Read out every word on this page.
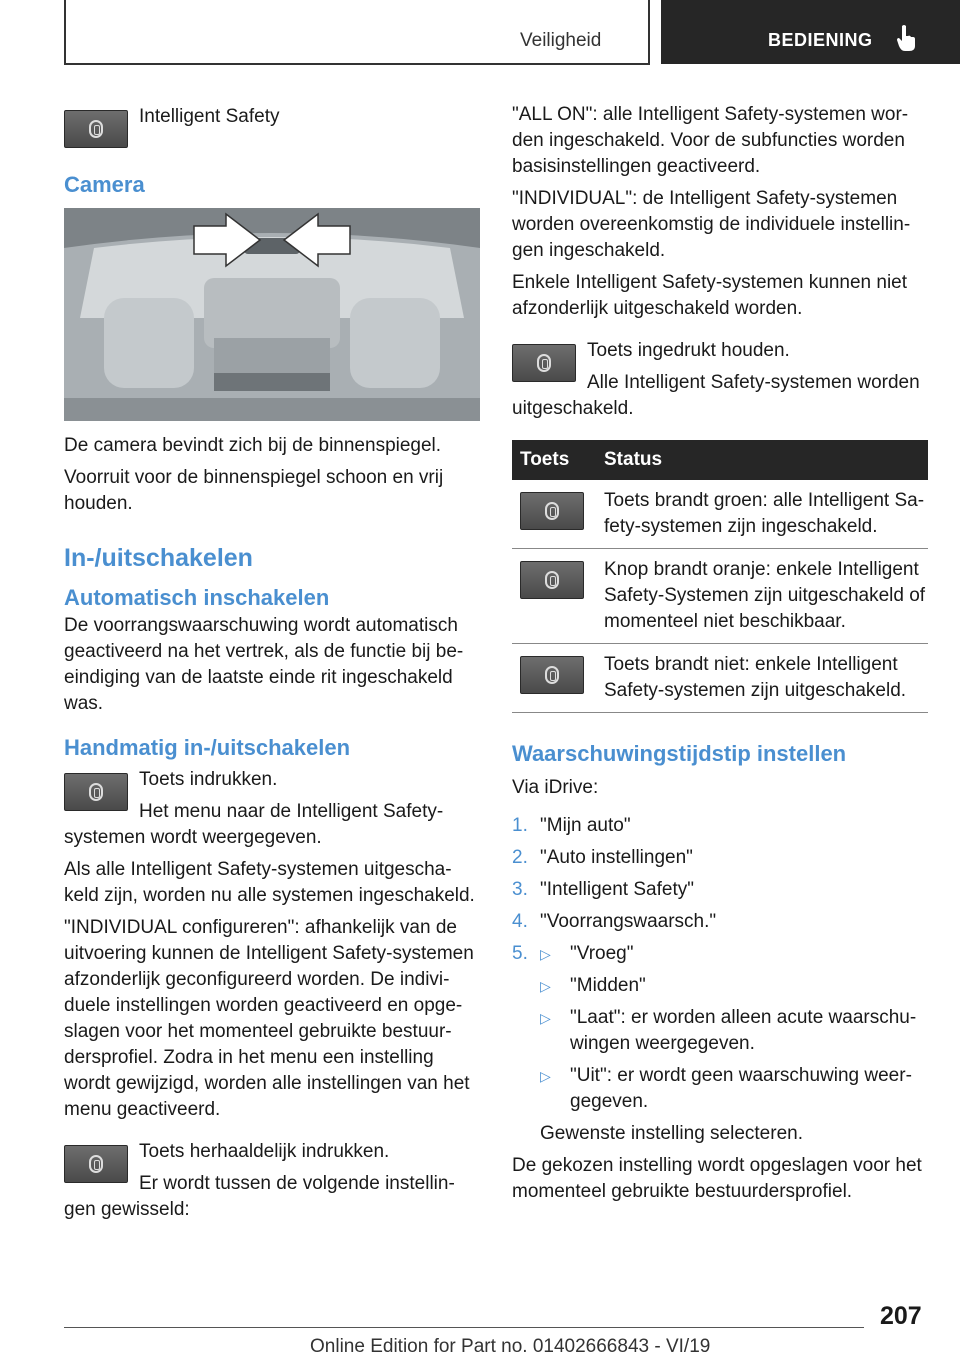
Veiligheid	BEDIENING
Intelligent Safety
Camera

De camera bevindt zich bij de binnenspiegel.

Voorruit voor de binnenspiegel schoon en vrij houden.

In-/uitschakelen
Automatisch inschakelen

De voorrangswaarschuwing wordt automatisch geactiveerd na het vertrek, als de functie bij be-eindiging van de laatste einde rit ingeschakeld was.

Handmatig in-/uitschakelen
Toets indrukken.
Het menu naar de Intelligent Safety-systemen wordt weergegeven.

Als alle Intelligent Safety-systemen uitgescha-keld zijn, worden nu alle systemen ingeschakeld.

"INDIVIDUAL configureren": afhankelijk van de uitvoering kunnen de Intelligent Safety-systemen afzonderlijk geconfigureerd worden. De indivi-duele instellingen worden geactiveerd en opge-slagen voor het momenteel gebruikte bestuur-dersprofiel. Zodra in het menu een instelling wordt gewijzigd, worden alle instellingen van het menu geactiveerd.

Toets herhaaldelijk indrukken.
Er wordt tussen de volgende instellin-gen gewisseld:

"ALL ON": alle Intelligent Safety-systemen wor-den ingeschakeld. Voor de subfuncties worden basisinstellingen geactiveerd.

"INDIVIDUAL": de Intelligent Safety-systemen worden overeenkomstig de individuele instellin-gen ingeschakeld.

Enkele Intelligent Safety-systemen kunnen niet afzonderlijk uitgeschakeld worden.

Toets ingedrukt houden.
Alle Intelligent Safety-systemen worden uitgeschakeld.
Toets	Status

	Toets brandt groen: alle Intelligent Sa-fety-systemen zijn ingeschakeld.

	Knop brandt oranje: enkele Intelligent Safety-Systemen zijn uitgeschakeld of momenteel niet beschikbaar.

	Toets brandt niet: enkele Intelligent Safety-systemen zijn uitgeschakeld.
Waarschuwingstijdstip instellen

Via iDrive:

1. "Mijn auto"
2. "Auto instellingen"
3. "Intelligent Safety"
4. "Voorrangswaarsch."
5. ▷ "Vroeg"
▷ "Midden"
▷ "Laat": er worden alleen acute waarschu-wingen weergegeven.
▷ "Uit": er wordt geen waarschuwing weer-gegeven.
Gewenste instelling selecteren.

De gekozen instelling wordt opgeslagen voor het momenteel gebruikte bestuurdersprofiel.

207
Online Edition for Part no. 01402666843 - VI/19
